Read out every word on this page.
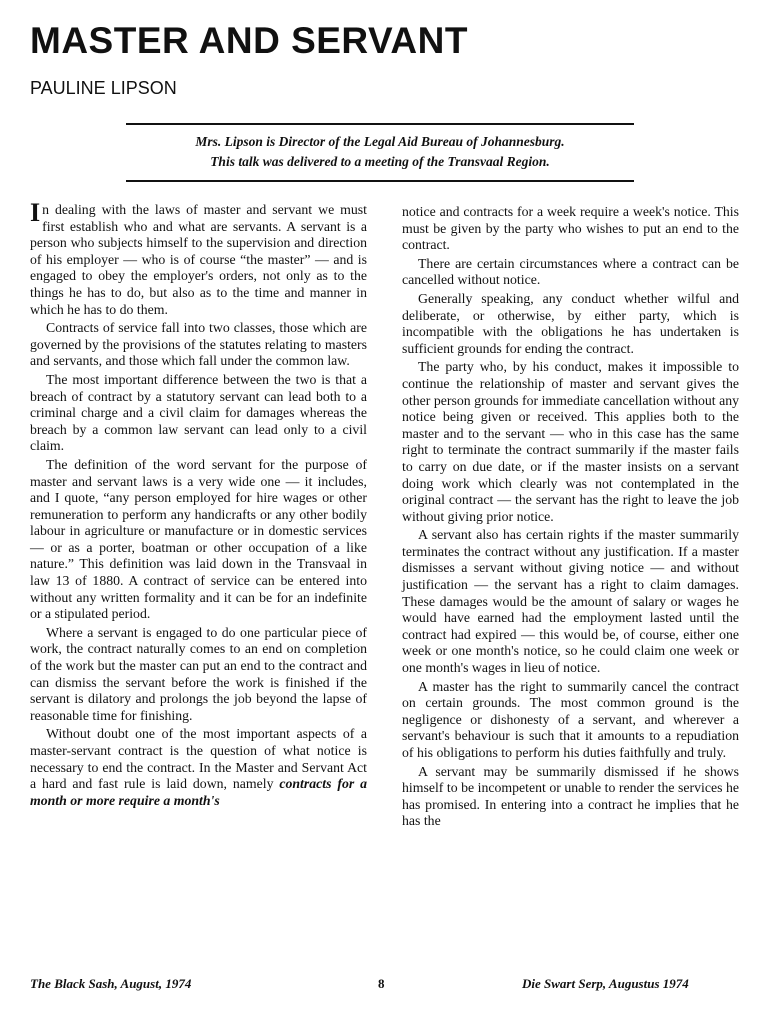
MASTER AND SERVANT
PAULINE LIPSON

Mrs. Lipson is Director of the Legal Aid Bureau of Johannesburg.

This talk was delivered to a meeting of the Transvaal Region.

In dealing with the laws of master and servant we must first establish who and what are servants. A servant is a person who subjects himself to the supervision and direction of his employer — who is of course “the master” — and is engaged to obey the employer's orders, not only as to the things he has to do, but also as to the time and manner in which he has to do them.

Contracts of service fall into two classes, those which are governed by the provisions of the statutes relating to masters and servants, and those which fall under the common law.

The most important difference between the two is that a breach of contract by a statutory servant can lead both to a criminal charge and a civil claim for damages whereas the breach by a common law servant can lead only to a civil claim.

The definition of the word servant for the purpose of master and servant laws is a very wide one — it includes, and I quote, “any person employed for hire wages or other remuneration to perform any handicrafts or any other bodily labour in agriculture or manufacture or in domestic services — or as a porter, boatman or other occupation of a like nature.” This definition was laid down in the Transvaal in law 13 of 1880. A contract of service can be entered into without any written formality and it can be for an indefinite or a stipulated period.

Where a servant is engaged to do one particular piece of work, the contract naturally comes to an end on completion of the work but the master can put an end to the contract and can dismiss the servant before the work is finished if the servant is dilatory and prolongs the job beyond the lapse of reasonable time for finishing.

Without doubt one of the most important aspects of a master-servant contract is the question of what notice is necessary to end the contract. In the Master and Servant Act a hard and fast rule is laid down, namely contracts for a month or more require a month's

notice and contracts for a week require a week's notice. This must be given by the party who wishes to put an end to the contract.

There are certain circumstances where a contract can be cancelled without notice.

Generally speaking, any conduct whether wilful and deliberate, or otherwise, by either party, which is incompatible with the obligations he has undertaken is sufficient grounds for ending the contract.

The party who, by his conduct, makes it impossible to continue the relationship of master and servant gives the other person grounds for immediate cancellation without any notice being given or received. This applies both to the master and to the servant — who in this case has the same right to terminate the contract summarily if the master fails to carry on due date, or if the master insists on a servant doing work which clearly was not contemplated in the original contract — the servant has the right to leave the job without giving prior notice.

A servant also has certain rights if the master summarily terminates the contract without any justification. If a master dismisses a servant without giving notice — and without justification — the servant has a right to claim damages. These damages would be the amount of salary or wages he would have earned had the employment lasted until the contract had expired — this would be, of course, either one week or one month's notice, so he could claim one week or one month's wages in lieu of notice.

A master has the right to summarily cancel the contract on certain grounds. The most common ground is the negligence or dishonesty of a servant, and wherever a servant's behaviour is such that it amounts to a repudiation of his obligations to perform his duties faithfully and truly.

A servant may be summarily dismissed if he shows himself to be incompetent or unable to render the services he has promised. In entering into a contract he implies that he has the

The Black Sash, August, 1974	8	Die Swart Serp, Augustus 1974
